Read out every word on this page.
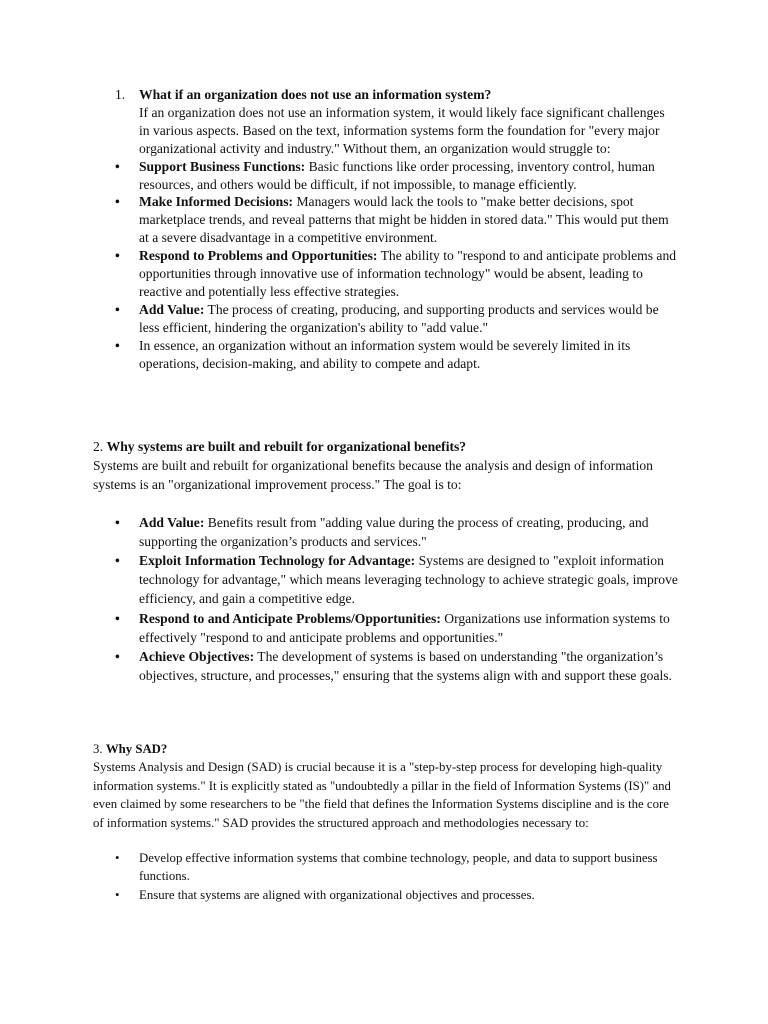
1. What if an organization does not use an information system?

If an organization does not use an information system, it would likely face significant challenges in various aspects. Based on the text, information systems form the foundation for "every major organizational activity and industry." Without them, an organization would struggle to:

• Support Business Functions: Basic functions like order processing, inventory control, human resources, and others would be difficult, if not impossible, to manage efficiently.
• Make Informed Decisions: Managers would lack the tools to "make better decisions, spot marketplace trends, and reveal patterns that might be hidden in stored data." This would put them at a severe disadvantage in a competitive environment.
• Respond to Problems and Opportunities: The ability to "respond to and anticipate problems and opportunities through innovative use of information technology" would be absent, leading to reactive and potentially less effective strategies.
• Add Value: The process of creating, producing, and supporting products and services would be less efficient, hindering the organization's ability to "add value."
• In essence, an organization without an information system would be severely limited in its operations, decision-making, and ability to compete and adapt.

2. Why systems are built and rebuilt for organizational benefits?

Systems are built and rebuilt for organizational benefits because the analysis and design of information systems is an "organizational improvement process." The goal is to:

• Add Value: Benefits result from "adding value during the process of creating, producing, and supporting the organization’s products and services."
• Exploit Information Technology for Advantage: Systems are designed to "exploit information technology for advantage," which means leveraging technology to achieve strategic goals, improve efficiency, and gain a competitive edge.
• Respond to and Anticipate Problems/Opportunities: Organizations use information systems to effectively "respond to and anticipate problems and opportunities."
• Achieve Objectives: The development of systems is based on understanding "the organization’s objectives, structure, and processes," ensuring that the systems align with and support these goals.

3. Why SAD?

Systems Analysis and Design (SAD) is crucial because it is a "step-by-step process for developing high-quality information systems." It is explicitly stated as "undoubtedly a pillar in the field of Information Systems (IS)" and even claimed by some researchers to be "the field that defines the Information Systems discipline and is the core of information systems." SAD provides the structured approach and methodologies necessary to:

• Develop effective information systems that combine technology, people, and data to support business functions.
• Ensure that systems are aligned with organizational objectives and processes.
